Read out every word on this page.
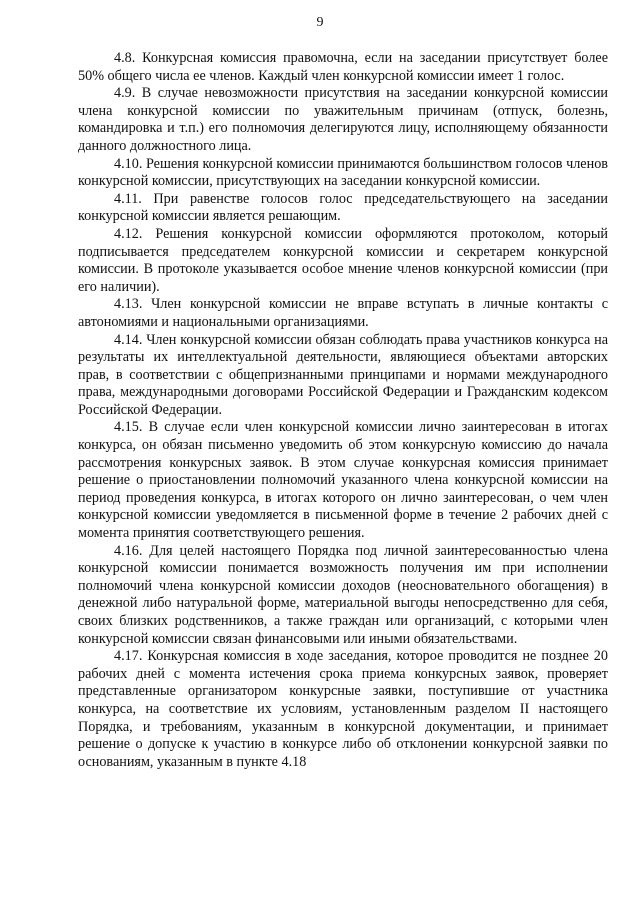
9

4.8. Конкурсная комиссия правомочна, если на заседании присутствует более 50% общего числа ее членов. Каждый член конкурсной комиссии имеет 1 голос.

4.9. В случае невозможности присутствия на заседании конкурсной комиссии члена конкурсной комиссии по уважительным причинам (отпуск, болезнь, командировка и т.п.) его полномочия делегируются лицу, исполняющему обязанности данного должностного лица.

4.10. Решения конкурсной комиссии принимаются большинством голосов членов конкурсной комиссии, присутствующих на заседании конкурсной комиссии.

4.11. При равенстве голосов голос председательствующего на заседании конкурсной комиссии является решающим.

4.12. Решения конкурсной комиссии оформляются протоколом, который подписывается председателем конкурсной комиссии и секретарем конкурсной комиссии. В протоколе указывается особое мнение членов конкурсной комиссии (при его наличии).

4.13. Член конкурсной комиссии не вправе вступать в личные контакты с автономиями и национальными организациями.

4.14. Член конкурсной комиссии обязан соблюдать права участников конкурса на результаты их интеллектуальной деятельности, являющиеся объектами авторских прав, в соответствии с общепризнанными принципами и нормами международного права, международными договорами Российской Федерации и Гражданским кодексом Российской Федерации.

4.15. В случае если член конкурсной комиссии лично заинтересован в итогах конкурса, он обязан письменно уведомить об этом конкурсную комиссию до начала рассмотрения конкурсных заявок. В этом случае конкурсная комиссия принимает решение о приостановлении полномочий указанного члена конкурсной комиссии на период проведения конкурса, в итогах которого он лично заинтересован, о чем член конкурсной комиссии уведомляется в письменной форме в течение 2 рабочих дней с момента принятия соответствующего решения.

4.16. Для целей настоящего Порядка под личной заинтересованностью члена конкурсной комиссии понимается возможность получения им при исполнении полномочий члена конкурсной комиссии доходов (неосновательного обогащения) в денежной либо натуральной форме, материальной выгоды непосредственно для себя, своих близких родственников, а также граждан или организаций, с которыми член конкурсной комиссии связан финансовыми или иными обязательствами.

4.17. Конкурсная комиссия в ходе заседания, которое проводится не позднее 20 рабочих дней с момента истечения срока приема конкурсных заявок, проверяет представленные организатором конкурсные заявки, поступившие от участника конкурса, на соответствие их условиям, установленным разделом II настоящего Порядка, и требованиям, указанным в конкурсной документации, и принимает решение о допуске к участию в конкурсе либо об отклонении конкурсной заявки по основаниям, указанным в пункте 4.18
